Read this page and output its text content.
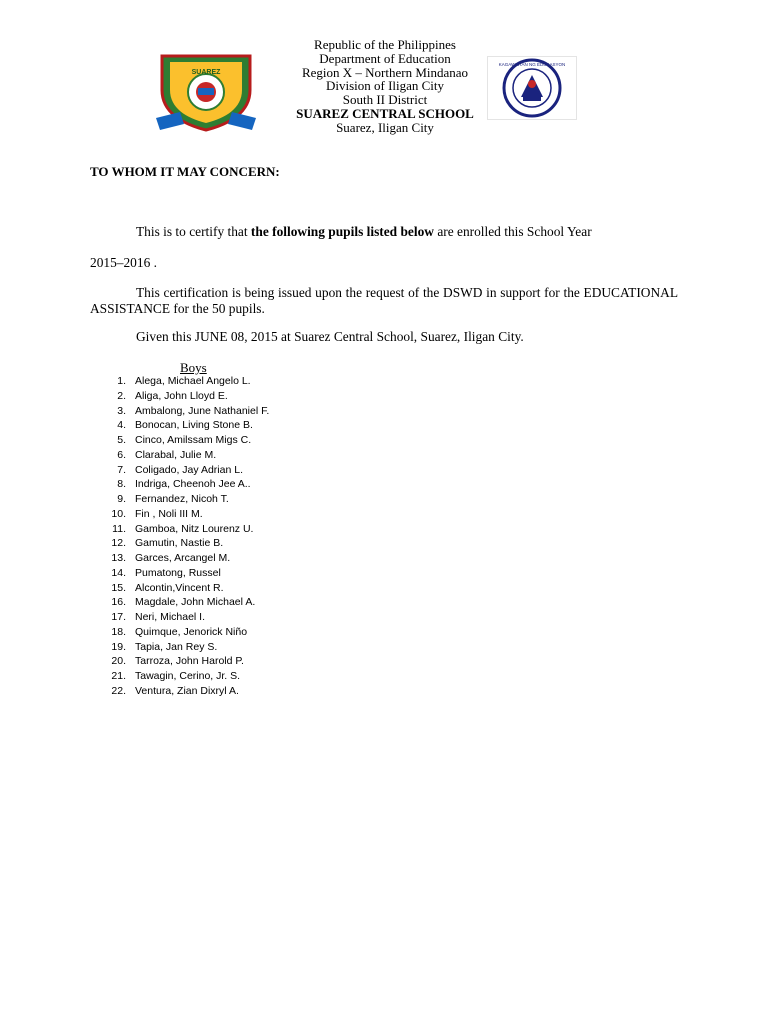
SUAREZ
Republic of the Philippines
Department of Education
Region X – Northern Mindanao
Division of Iligan City
South II District
SUAREZ CENTRAL SCHOOL
Suarez, Iligan City
KAGAWARAN NG EDUKASYON
TO WHOM IT MAY CONCERN:
This is to certify that the following pupils listed below are enrolled this School Year
2015–2016 .
This certification is being issued upon the request of the DSWD in support for the EDUCATIONAL ASSISTANCE for the 50 pupils.
Given this JUNE 08, 2015 at Suarez Central School, Suarez, Iligan City.
Boys
1. Alega, Michael Angelo L.
2. Aliga, John Lloyd E.
3. Ambalong, June Nathaniel F.
4. Bonocan, Living Stone B.
5. Cinco, Amilssam Migs C.
6. Clarabal, Julie M.
7. Coligado, Jay Adrian L.
8. Indriga, Cheenoh Jee A..
9. Fernandez, Nicoh T.
10. Fin , Noli III M.
11. Gamboa, Nitz Lourenz U.
12. Gamutin, Nastie B.
13. Garces, Arcangel M.
14. Pumatong, Russel
15. Alcontin,Vincent R.
16. Magdale, John Michael A.
17. Neri, Michael I.
18. Quimque, Jenorick Niño
19. Tapia, Jan Rey S.
20. Tarroza, John Harold P.
21. Tawagin, Cerino, Jr. S.
22. Ventura, Zian Dixryl A.
